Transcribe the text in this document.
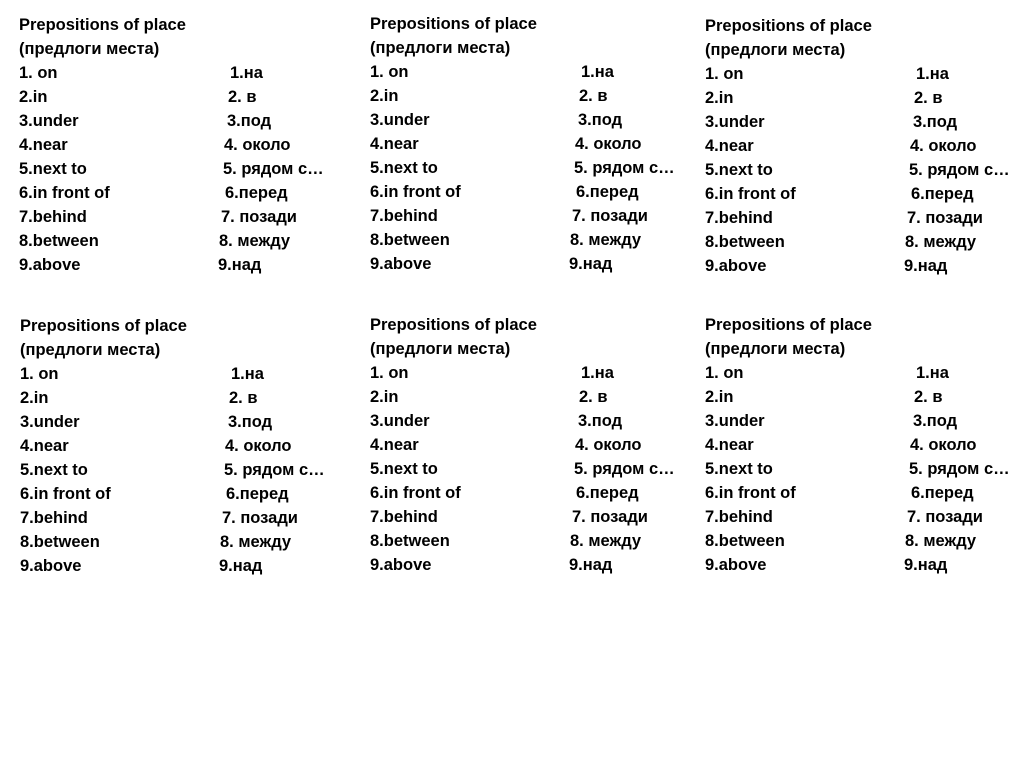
Prepositions of place
(предлоги места)
1. on	1.на
2.in	2. в
3.under	3.под
4.near	4. около
5.next to	5. рядом с…
6.in front of	6.перед
7.behind	7. позади
8.between	8. между
9.above	9.над
Prepositions of place
(предлоги места)
1. on	1.на
2.in	2. в
3.under	3.под
4.near	4. около
5.next to	5. рядом с…
6.in front of	6.перед
7.behind	7. позади
8.between	8. между
9.above	9.над
Prepositions of place
(предлоги места)
1. on	1.на
2.in	2. в
3.under	3.под
4.near	4. около
5.next to	5. рядом с…
6.in front of	6.перед
7.behind	7. позади
8.between	8. между
9.above	9.над
Prepositions of place
(предлоги места)
1. on	1.на
2.in	2. в
3.under	3.под
4.near	4. около
5.next to	5. рядом с…
6.in front of	6.перед
7.behind	7. позади
8.between	8. между
9.above	9.над
Prepositions of place
(предлоги места)
1. on	1.на
2.in	2. в
3.under	3.под
4.near	4. около
5.next to	5. рядом с…
6.in front of	6.перед
7.behind	7. позади
8.between	8. между
9.above	9.над
Prepositions of place
(предлоги места)
1. on	1.на
2.in	2. в
3.under	3.под
4.near	4. около
5.next to	5. рядом с…
6.in front of	6.перед
7.behind	7. позади
8.between	8. между
9.above	9.над
